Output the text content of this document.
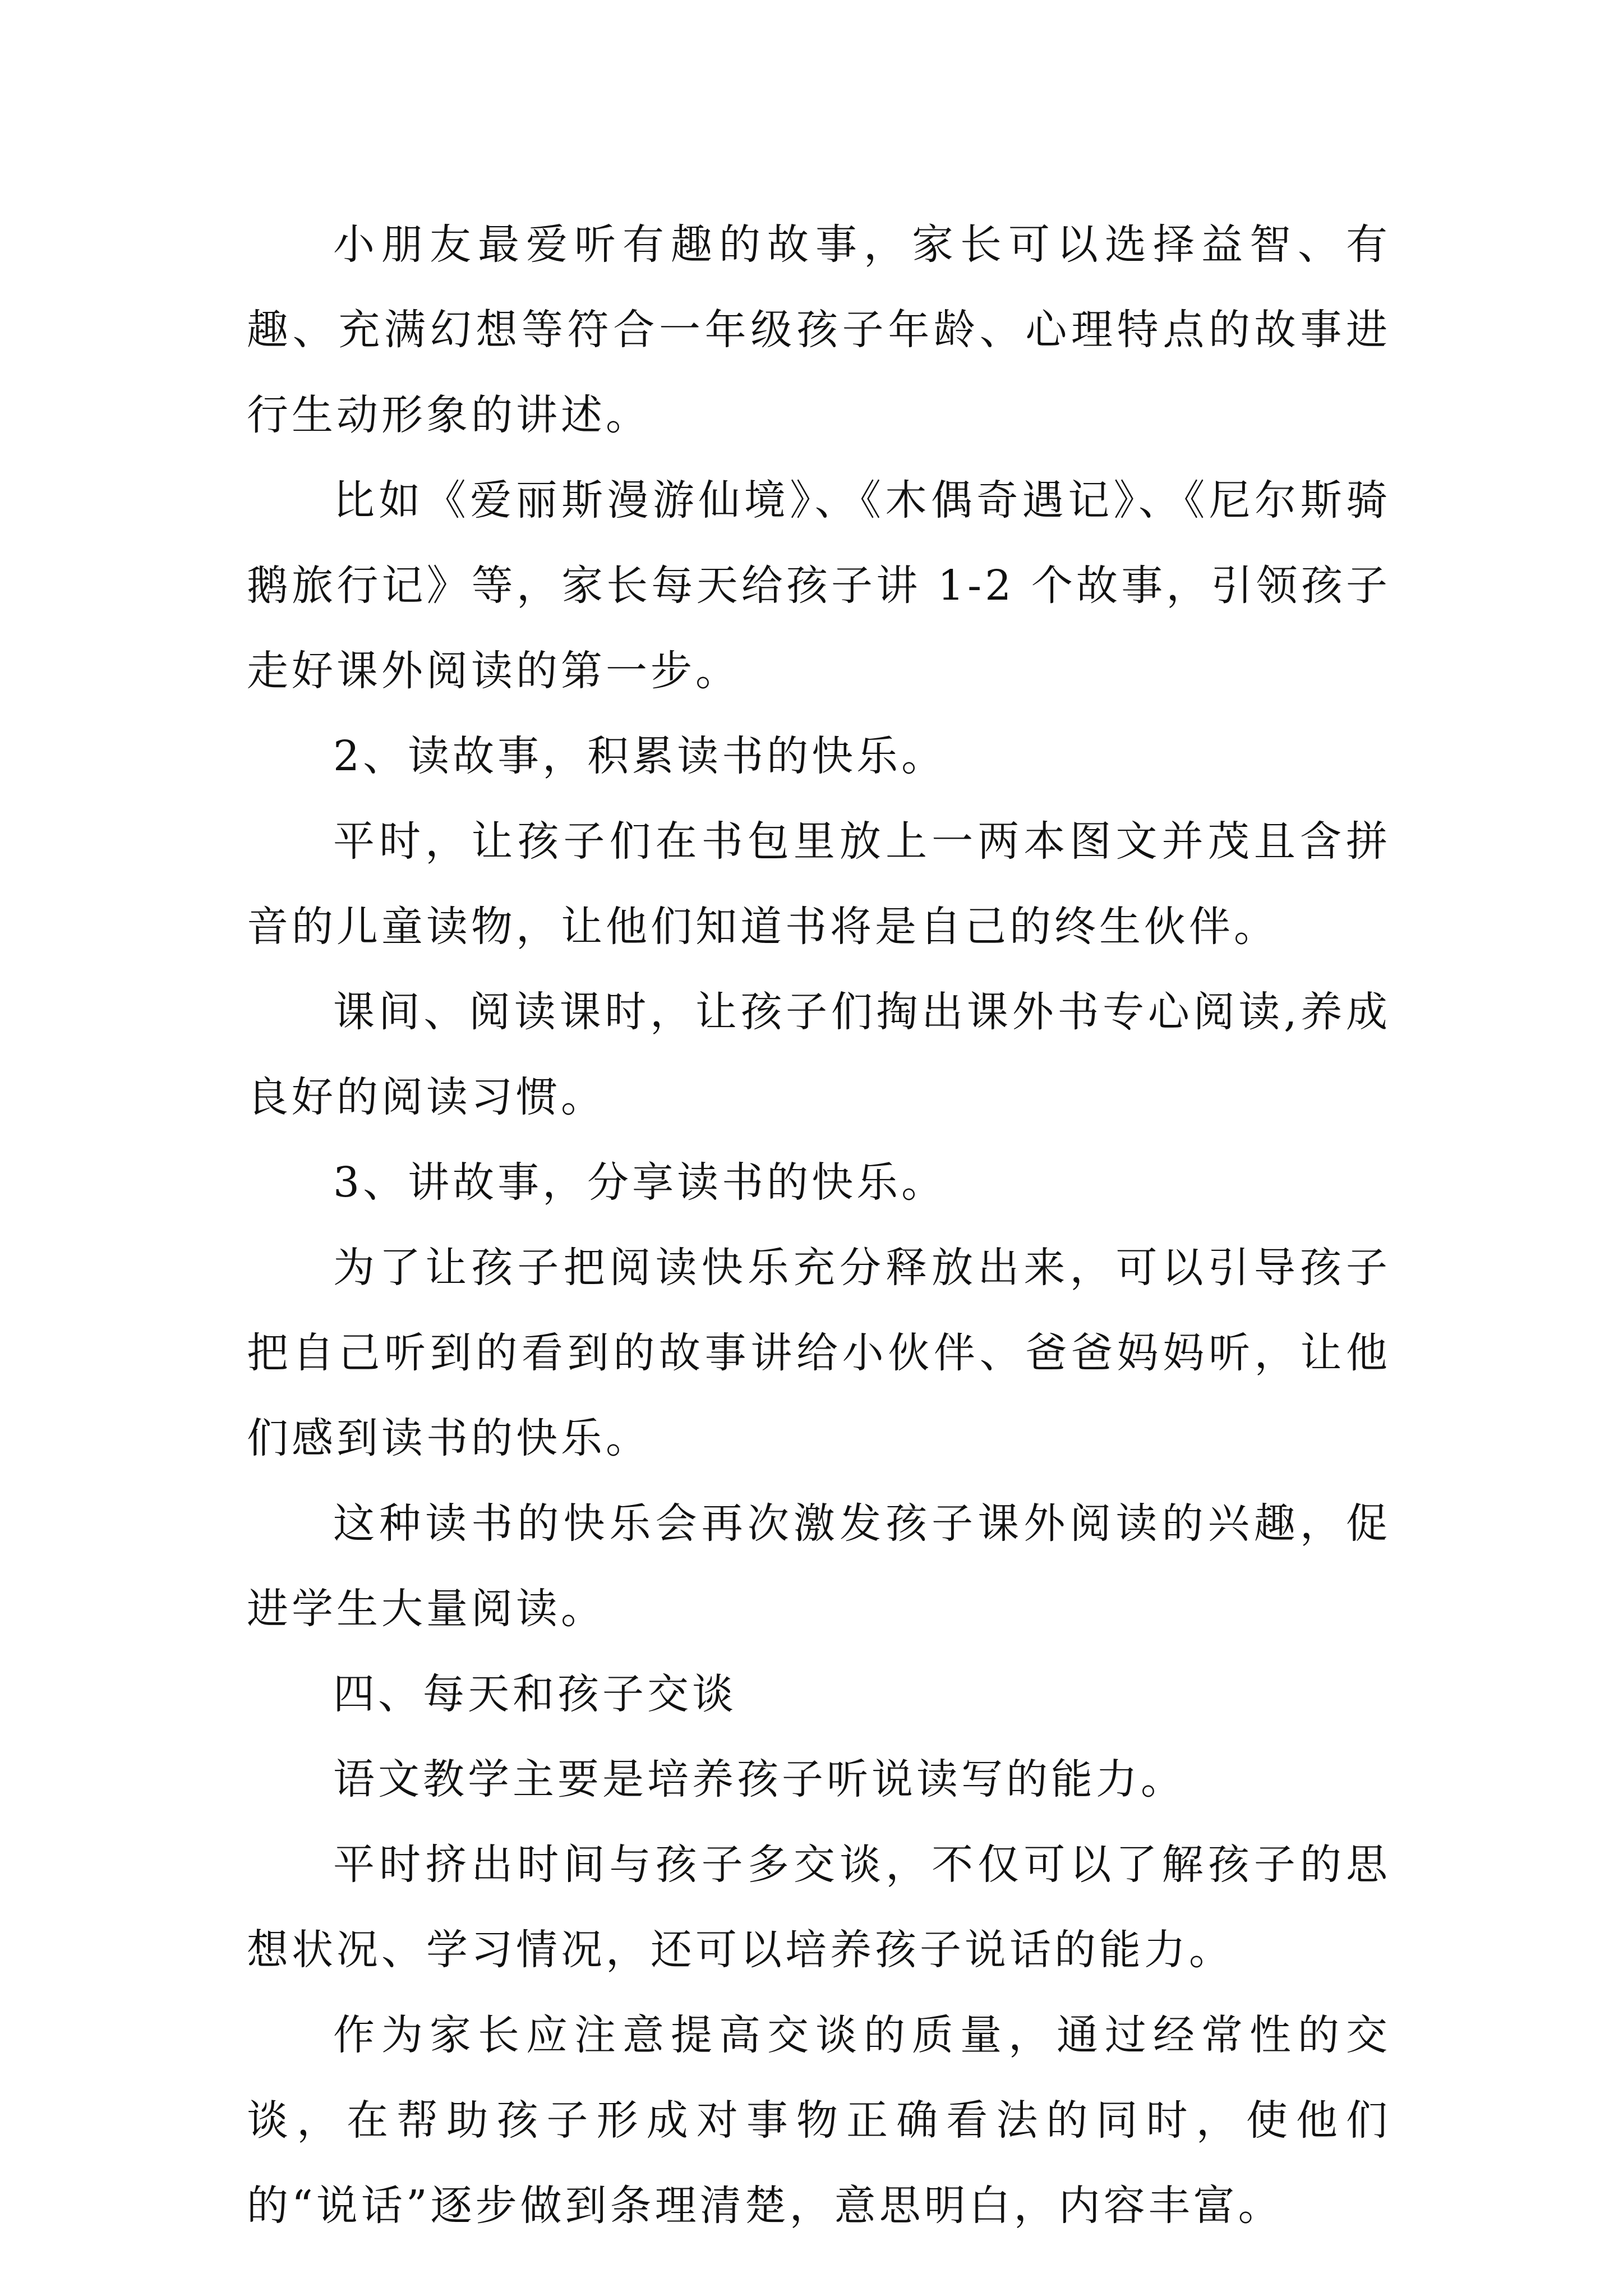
小朋友最爱听有趣的故事，家长可以选择益智、有趣、充满幻想等符合一年级孩子年龄、心理特点的故事进行生动形象的讲述。

比如《爱丽斯漫游仙境》、《木偶奇遇记》、《尼尔斯骑鹅旅行记》等，家长每天给孩子讲 1-2 个故事，引领孩子走好课外阅读的第一步。

2、读故事，积累读书的快乐。

平时，让孩子们在书包里放上一两本图文并茂且含拼音的儿童读物，让他们知道书将是自己的终生伙伴。

课间、阅读课时，让孩子们掏出课外书专心阅读,养成良好的阅读习惯。

3、讲故事，分享读书的快乐。

为了让孩子把阅读快乐充分释放出来，可以引导孩子把自己听到的看到的故事讲给小伙伴、爸爸妈妈听，让他们感到读书的快乐。

这种读书的快乐会再次激发孩子课外阅读的兴趣，促进学生大量阅读。

四、每天和孩子交谈

语文教学主要是培养孩子听说读写的能力。

平时挤出时间与孩子多交谈，不仅可以了解孩子的思想状况、学习情况，还可以培养孩子说话的能力。

作为家长应注意提高交谈的质量，通过经常性的交谈，在帮助孩子形成对事物正确看法的同时，使他们的“说话”逐步做到条理清楚，意思明白，内容丰富。
